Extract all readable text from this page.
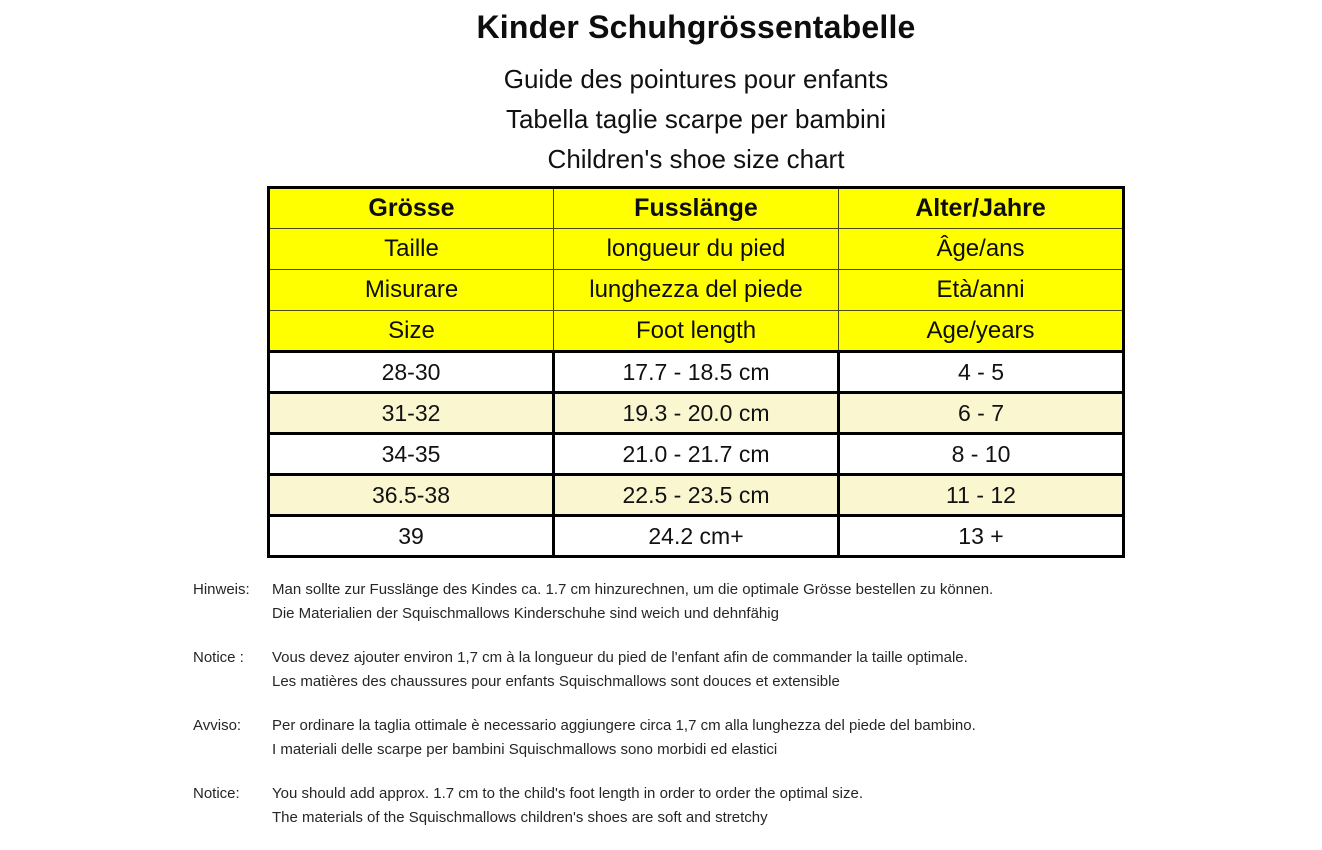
Kinder Schuhgrössentabelle
Guide des pointures pour enfants
Tabella taglie scarpe per bambini
Children's shoe size chart
Grösse	Fusslänge	Alter/Jahre
Taille	longueur du pied	Âge/ans
Misurare	lunghezza del piede	Età/anni
Size	Foot length	Age/years
28-30	17.7 - 18.5 cm	4 - 5
31-32	19.3 - 20.0 cm	6 - 7
34-35	21.0 - 21.7 cm	8 - 10
36.5-38	22.5 - 23.5 cm	11 - 12
39	24.2 cm+	13 +
Hinweis:	Man sollte zur Fusslänge des Kindes ca. 1.7 cm hinzurechnen, um die optimale Grösse bestellen zu können.
Die Materialien der Squischmallows Kinderschuhe sind weich und dehnfähig
Notice :	Vous devez ajouter environ 1,7 cm à la longueur du pied de l'enfant afin de commander la taille optimale.
Les matières des chaussures pour enfants Squischmallows sont douces et extensible
Avviso:	Per ordinare la taglia ottimale è necessario aggiungere circa 1,7 cm alla lunghezza del piede del bambino.
I materiali delle scarpe per bambini Squischmallows sono morbidi ed elastici
Notice:	You should add approx. 1.7 cm to the child's foot length in order to order the optimal size.
The materials of the Squischmallows children's shoes are soft and stretchy
